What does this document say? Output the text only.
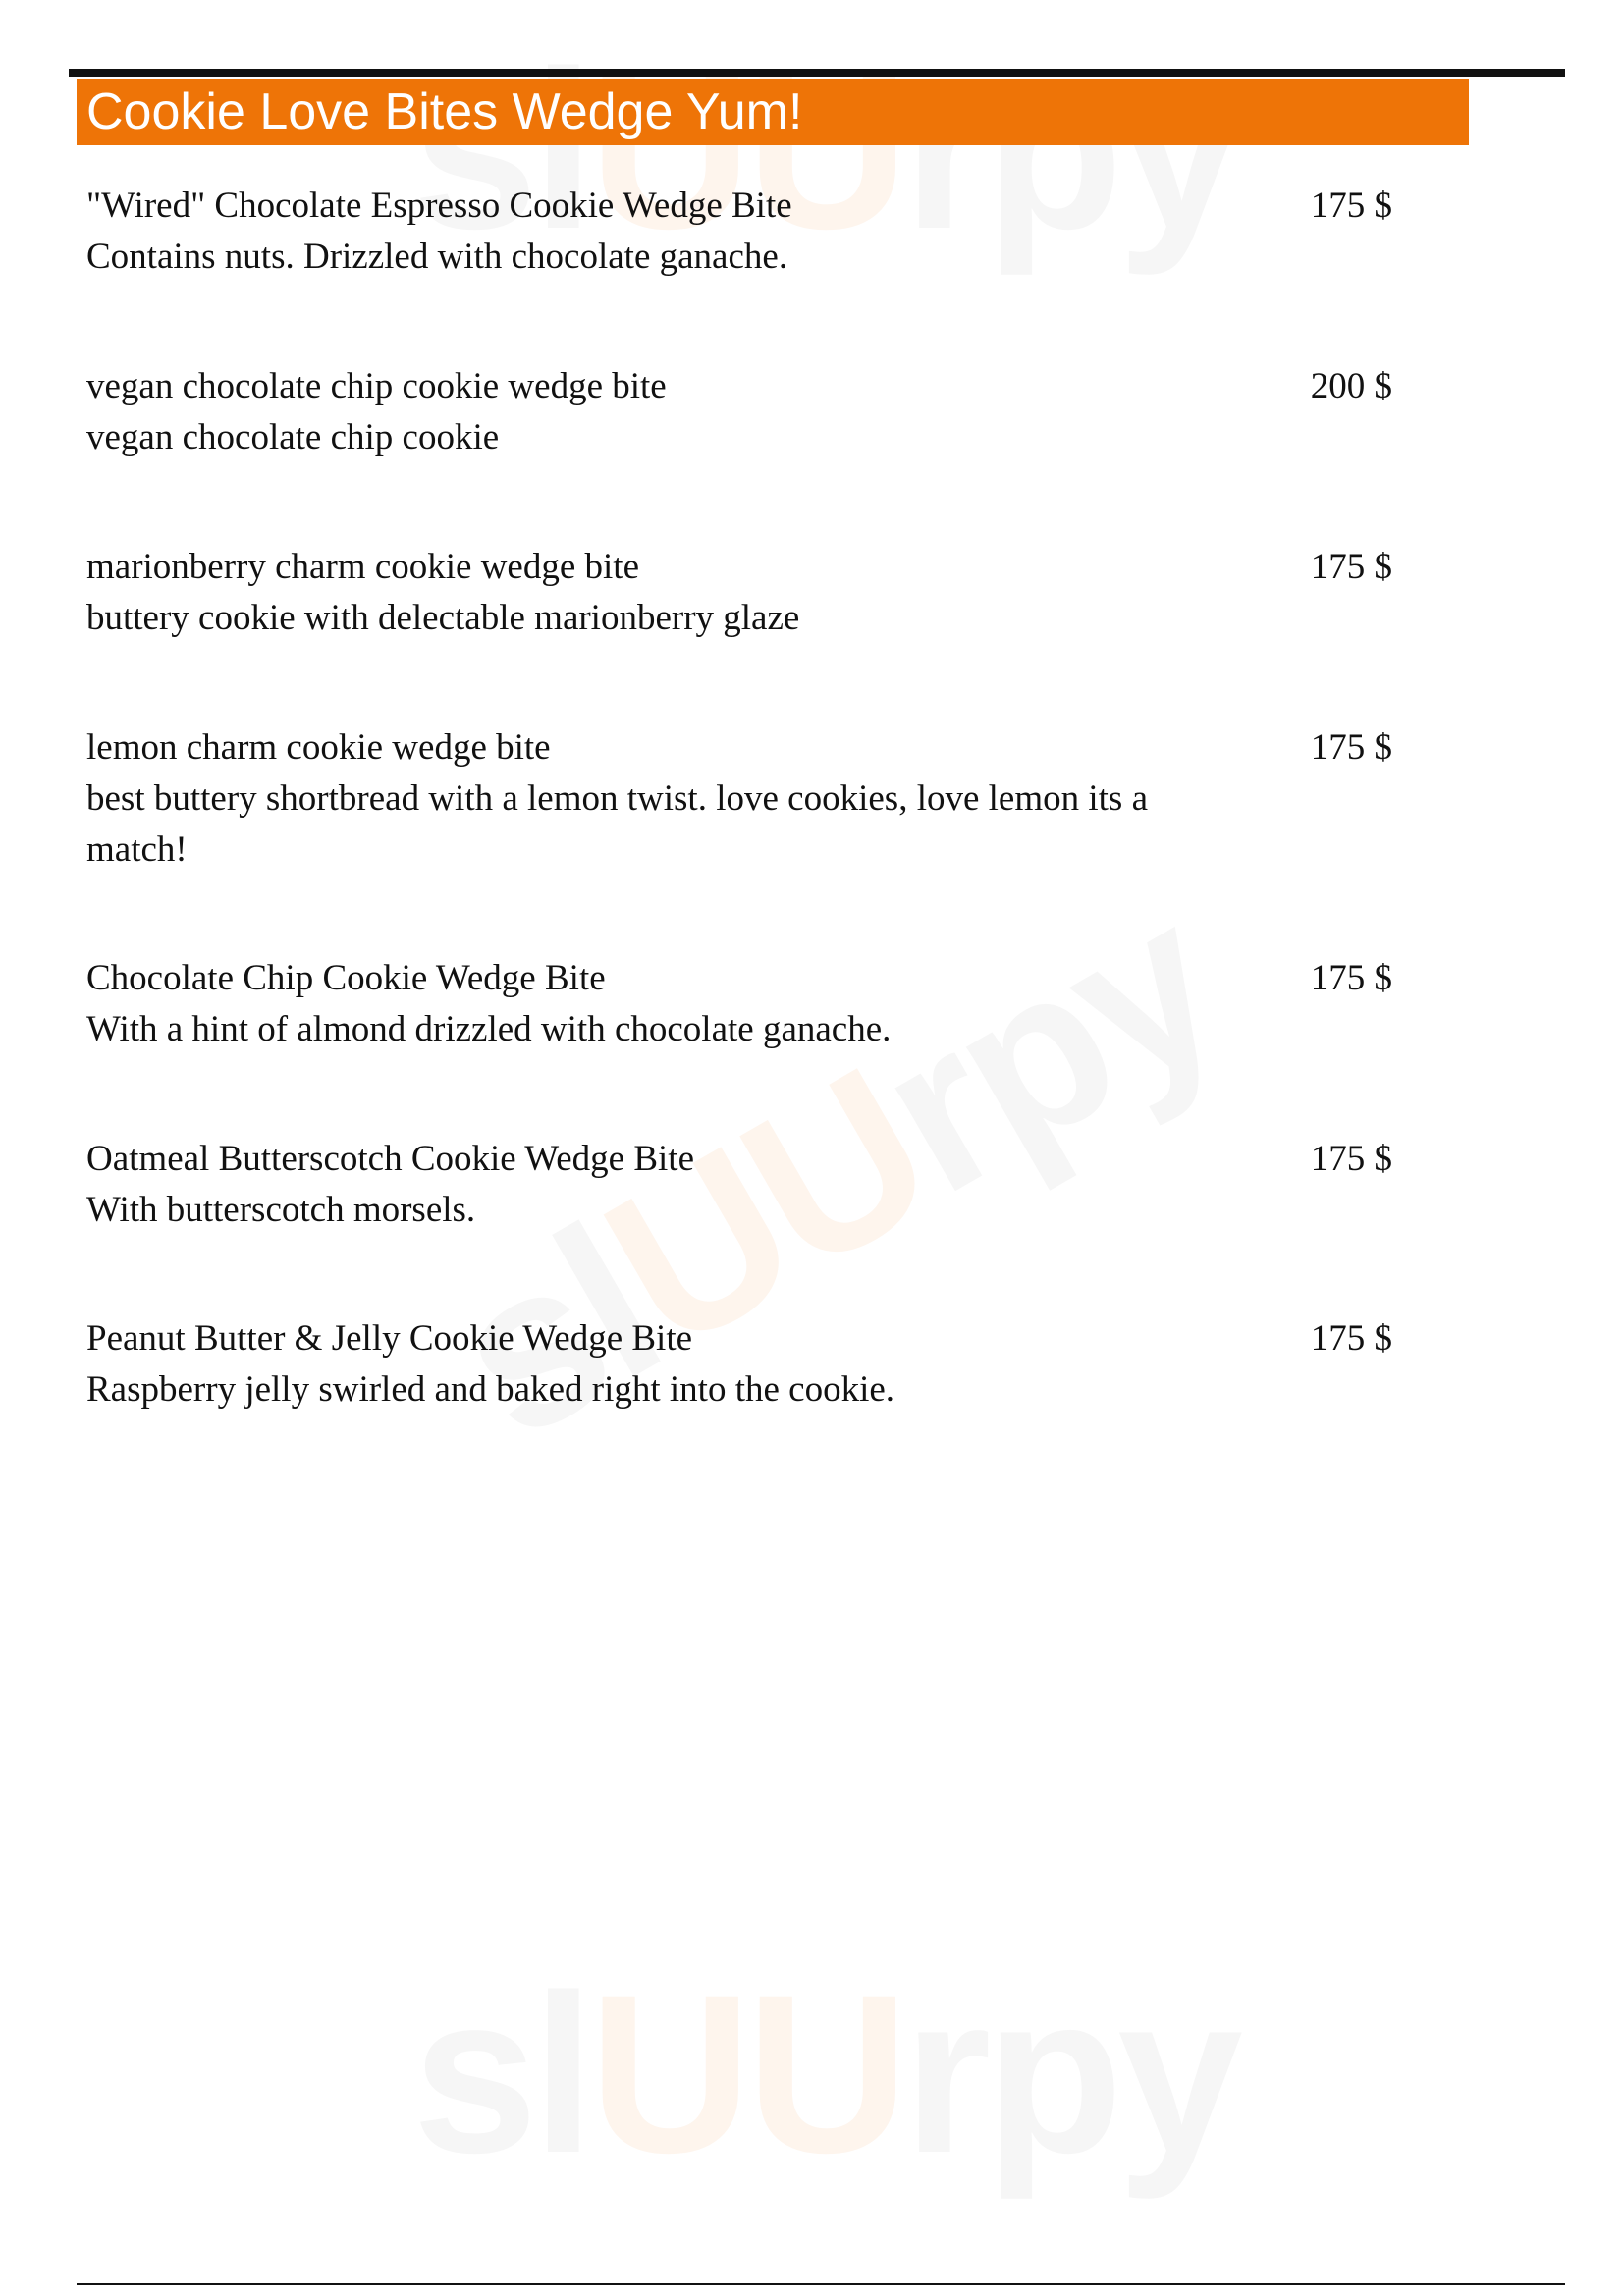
UU
UU
UU
Cookie Love Bites Wedge Yum!
"Wired" Chocolate Espresso Cookie Wedge Bite
Contains nuts. Drizzled with chocolate ganache.
175 $
vegan chocolate chip cookie wedge bite
vegan chocolate chip cookie
200 $
marionberry charm cookie wedge bite
buttery cookie with delectable marionberry glaze
175 $
lemon charm cookie wedge bite
best buttery shortbread with a lemon twist. love cookies, love lemon its a match!
175 $
Chocolate Chip Cookie Wedge Bite
With a hint of almond drizzled with chocolate ganache.
175 $
Oatmeal Butterscotch Cookie Wedge Bite
With butterscotch morsels.
175 $
Peanut Butter & Jelly Cookie Wedge Bite
Raspberry jelly swirled and baked right into the cookie.
175 $
